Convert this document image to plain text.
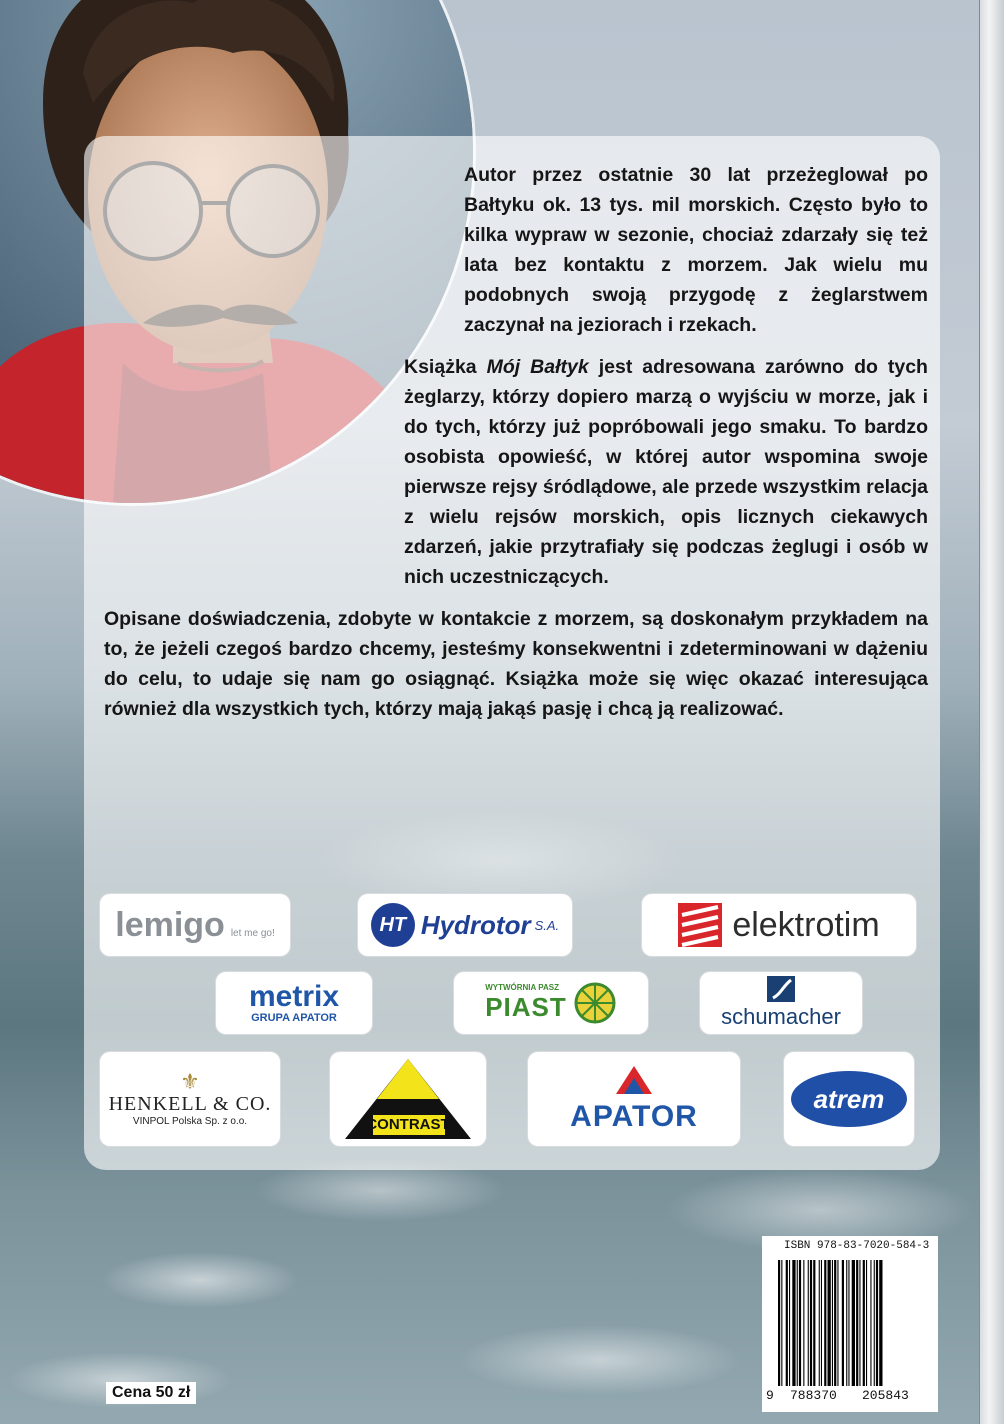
Autor przez ostatnie 30 lat przeżeglował po Bałtyku ok. 13 tys. mil morskich. Często było to kilka wypraw w sezonie, chociaż zdarzały się też lata bez kontaktu z morzem. Jak wielu mu podobnych swoją przygodę z żeglarstwem zaczynał na jeziorach i rzekach.

Książka Mój Bałtyk jest adresowana zarówno do tych żeglarzy, którzy dopiero marzą o wyjściu w morze, jak i do tych, którzy już popróbowali jego smaku. To bardzo osobista opowieść, w której autor wspomina swoje pierwsze rejsy śródlądowe, ale przede wszystkim relacja z wielu rejsów morskich, opis licznych ciekawych zdarzeń, jakie przytrafiały się podczas żeglugi i osób w nich uczestniczących.

Opisane doświadczenia, zdobyte w kontakcie z morzem, są doskonałym przykładem na to, że jeżeli czegoś bardzo chcemy, jesteśmy konsekwentni i zdeterminowani w dążeniu do celu, to udaje się nam go osiągnąć. Książka może się więc okazać interesująca również dla wszystkich tych, którzy mają jakąś pasję i chcą ją realizować.

lemigo let me go!	HT Hydrotor S.A.	elektrotim
metrix
GRUPA APATOR
WYTWÓRNIA PASZ
PIAST	schumacher
⚜
HENKELL & CO.
VINPOL Polska Sp. z o.o.	CONTRAST	APATOR
atrem
ISBN 978-83-7020-584-3
9 788370 205843
Cena 50 zł
